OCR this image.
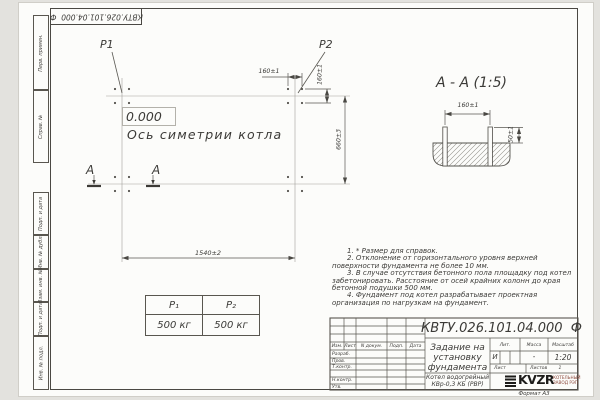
Перв. примен.
Справ. №
Подп. и дата
Инв. № дубл.
Взам. инв. №
Подп. и дата
Инв. № подл.
КВТУ.026.101.04.000  Ф
P1	P2
160±1	160±1
660±3
1540±2
0.000
Ось симетрии котла
А	А
А - А (1:5)
160±1
50±1

1. * Размер для справок.

2. Отклонение от горизонтального уровня верхней поверхности фундамента не более 10 мм.

3. В случае отсутствия бетонного пола площадку под котел забетонировать. Расстояние от осей крайних колонн до края бетонной подушки 500 мм.

4. Фундамент под котел разрабатывает проектная организация по нагрузкам на фундамент.

P₁	P₂
500 кг	500 кг	КВТУ.026.101.04.000  Ф
Изм. Лист	N докум.	Подп.	Дата
Разраб.
Пров.
Т.контр.
Н.контр.
Утв.
Задание на установку фундамента
Котел водогрейный КВр-0,3 КБ (РВР)
Лит.	Масса	Масштаб
И	-	1:20
Лист	Листов	1
KVZR
КОТЕЛЬНЫЙ ЗАВОД РЭП
Формат А3
